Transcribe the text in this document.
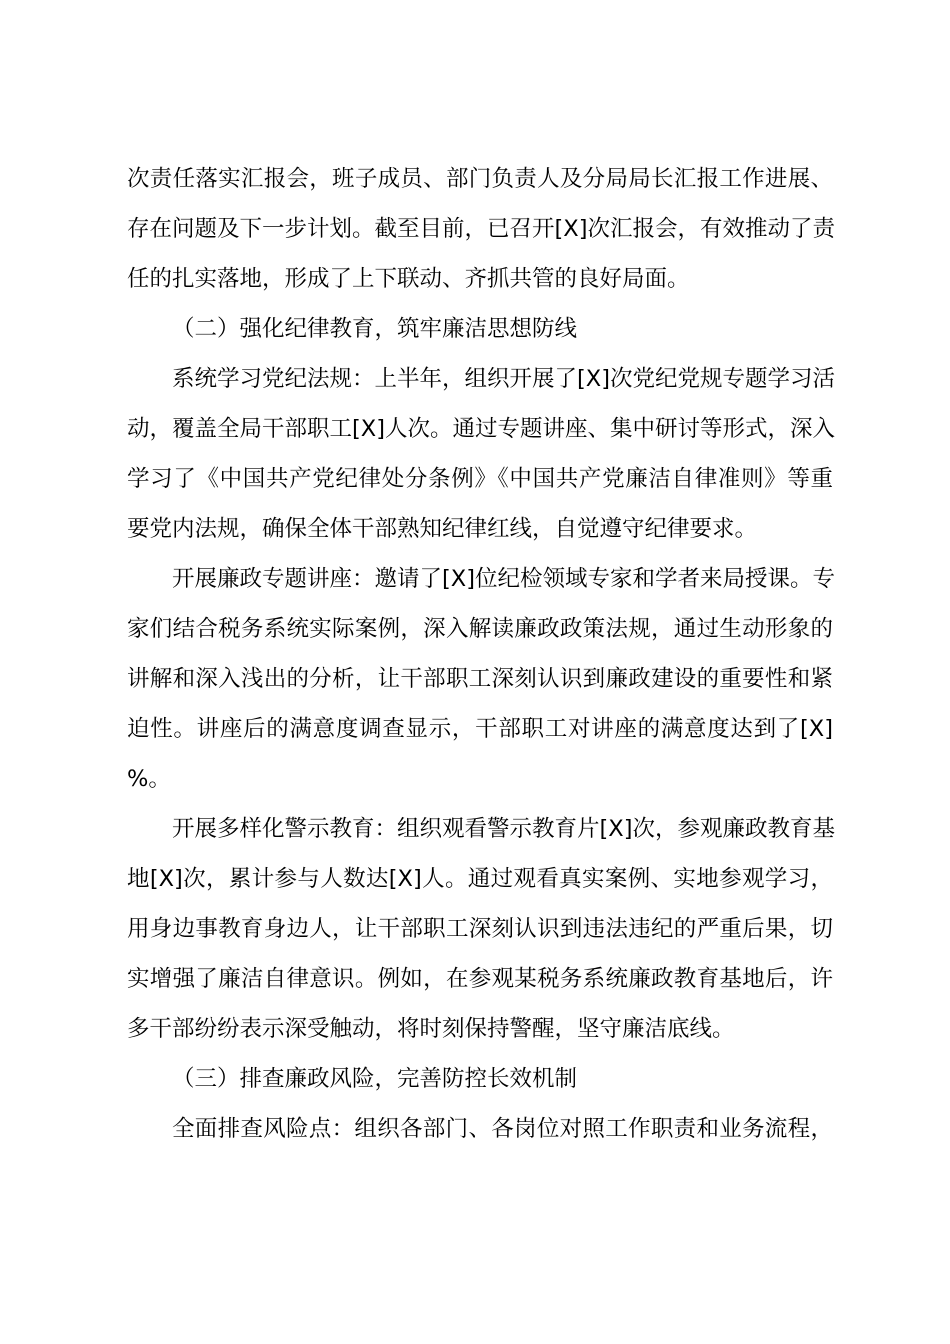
次责任落实汇报会，班子成员、部门负责人及分局局长汇报工作进展、
存在问题及下一步计划。截至目前，已召开[X]次汇报会，有效推动了责
任的扎实落地，形成了上下联动、齐抓共管的良好局面。
（二）强化纪律教育，筑牢廉洁思想防线
系统学习党纪法规：上半年，组织开展了[X]次党纪党规专题学习活
动，覆盖全局干部职工[X]人次。通过专题讲座、集中研讨等形式，深入
学习了《中国共产党纪律处分条例》《中国共产党廉洁自律准则》等重
要党内法规，确保全体干部熟知纪律红线，自觉遵守纪律要求。
开展廉政专题讲座：邀请了[X]位纪检领域专家和学者来局授课。专
家们结合税务系统实际案例，深入解读廉政政策法规，通过生动形象的
讲解和深入浅出的分析，让干部职工深刻认识到廉政建设的重要性和紧
迫性。讲座后的满意度调查显示，干部职工对讲座的满意度达到了[X]
%。
开展多样化警示教育：组织观看警示教育片[X]次，参观廉政教育基
地[X]次，累计参与人数达[X]人。通过观看真实案例、实地参观学习，
用身边事教育身边人，让干部职工深刻认识到违法违纪的严重后果，切
实增强了廉洁自律意识。例如，在参观某税务系统廉政教育基地后，许
多干部纷纷表示深受触动，将时刻保持警醒，坚守廉洁底线。
（三）排查廉政风险，完善防控长效机制
全面排查风险点：组织各部门、各岗位对照工作职责和业务流程，
